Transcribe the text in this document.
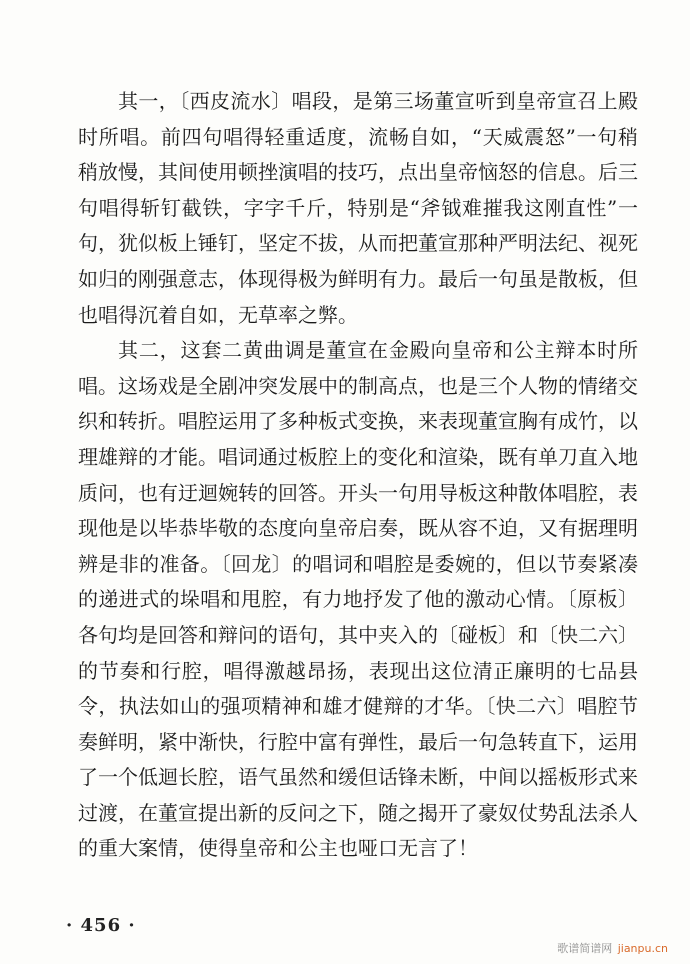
其一，〔西皮流水〕唱段，是第三场董宣听到皇帝宣召上殿时所唱。前四句唱得轻重适度，流畅自如，“天威震怒”一句稍稍放慢，其间使用顿挫演唱的技巧，点出皇帝恼怒的信息。后三句唱得斩钉截铁，字字千斤，特别是“斧钺难摧我这刚直性”一句，犹似板上锤钉，坚定不拔，从而把董宣那种严明法纪、视死如归的刚强意志，体现得极为鲜明有力。最后一句虽是散板，但也唱得沉着自如，无草率之弊。

其二，这套二黄曲调是董宣在金殿向皇帝和公主辩本时所唱。这场戏是全剧冲突发展中的制高点，也是三个人物的情绪交织和转折。唱腔运用了多种板式变换，来表现董宣胸有成竹，以理雄辩的才能。唱词通过板腔上的变化和渲染，既有单刀直入地质问，也有迂迴婉转的回答。开头一句用导板这种散体唱腔，表现他是以毕恭毕敬的态度向皇帝启奏，既从容不迫，又有据理明辨是非的准备。〔回龙〕的唱词和唱腔是委婉的，但以节奏紧凑的递进式的垛唱和甩腔，有力地抒发了他的激动心情。〔原板〕各句均是回答和辩问的语句，其中夹入的〔碰板〕和〔快二六〕的节奏和行腔，唱得激越昂扬，表现出这位清正廉明的七品县令，执法如山的强项精神和雄才健辩的才华。〔快二六〕唱腔节奏鲜明，紧中渐快，行腔中富有弹性，最后一句急转直下，运用了一个低迴长腔，语气虽然和缓但话锋未断，中间以摇板形式来过渡，在董宣提出新的反问之下，随之揭开了豪奴仗势乱法杀人的重大案情，使得皇帝和公主也哑口无言了！

· 456 ·
歌谱简谱网 jianpu.cn
